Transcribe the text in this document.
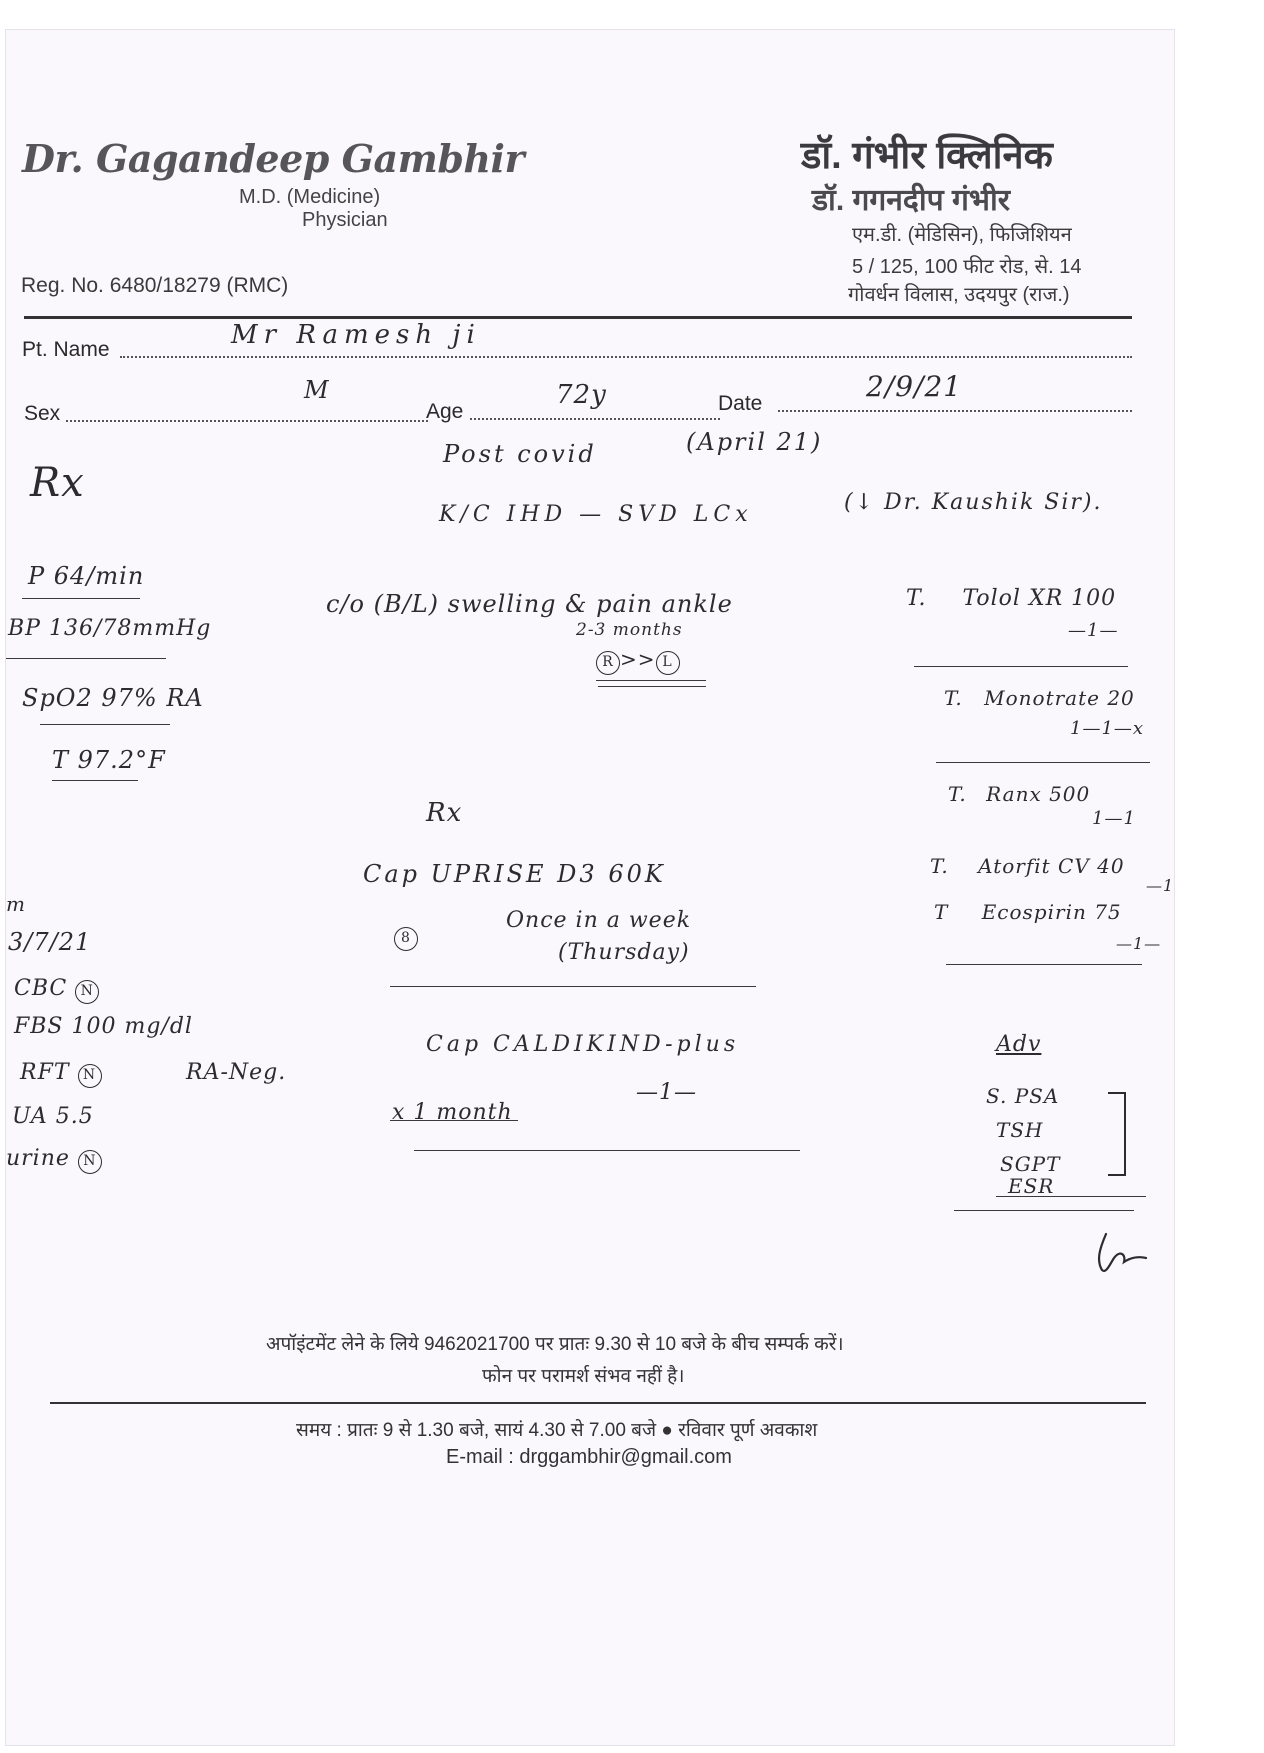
Dr. Gagandeep Gambhir
M.D. (Medicine)
Physician
Reg. No. 6480/18279 (RMC)
डॉ. गंभीर क्लिनिक
डॉ. गगनदीप गंभीर
एम.डी. (मेडिसिन), फिजिशियन
5 / 125, 100 फीट रोड, से. 14
गोवर्धन विलास, उदयपुर (राज.)
Pt. Name	Mr Ramesh ji
Sex
M
Age
72y	Date
2/9/21
Rx
Post covid	(April 21)
K/C IHD — SVD LCx	(↓ Dr. Kaushik Sir).
P 64/min
BP 136/78mmHg
SpO2 97% RA
T 97.2°F
c/o (B/L) swelling & pain ankle
2-3 months
R >> L
Rx
Cap UPRISE D3 60K
8
Once in a week
(Thursday)
Cap CALDIKIND-plus
—1—
x 1 month
m
3/7/21
CBC N
FBS 100 mg/dl
RFT N	RA-Neg.
UA 5.5
urine N
T. Tolol XR 100
—1—
T. Monotrate 20
1—1—x
T. Ranx 500
1—1
T. Atorfit CV 40
—1
T Ecospirin 75
—1—
Adv
S. PSA
TSH
SGPT
ESR
अपॉइंटमेंट लेने के लिये 9462021700 पर प्रातः 9.30 से 10 बजे के बीच सम्पर्क करें।
फोन पर परामर्श संभव नहीं है।
समय : प्रातः 9 से 1.30 बजे, सायं 4.30 से 7.00 बजे ● रविवार पूर्ण अवकाश
E-mail : drggambhir@gmail.com
